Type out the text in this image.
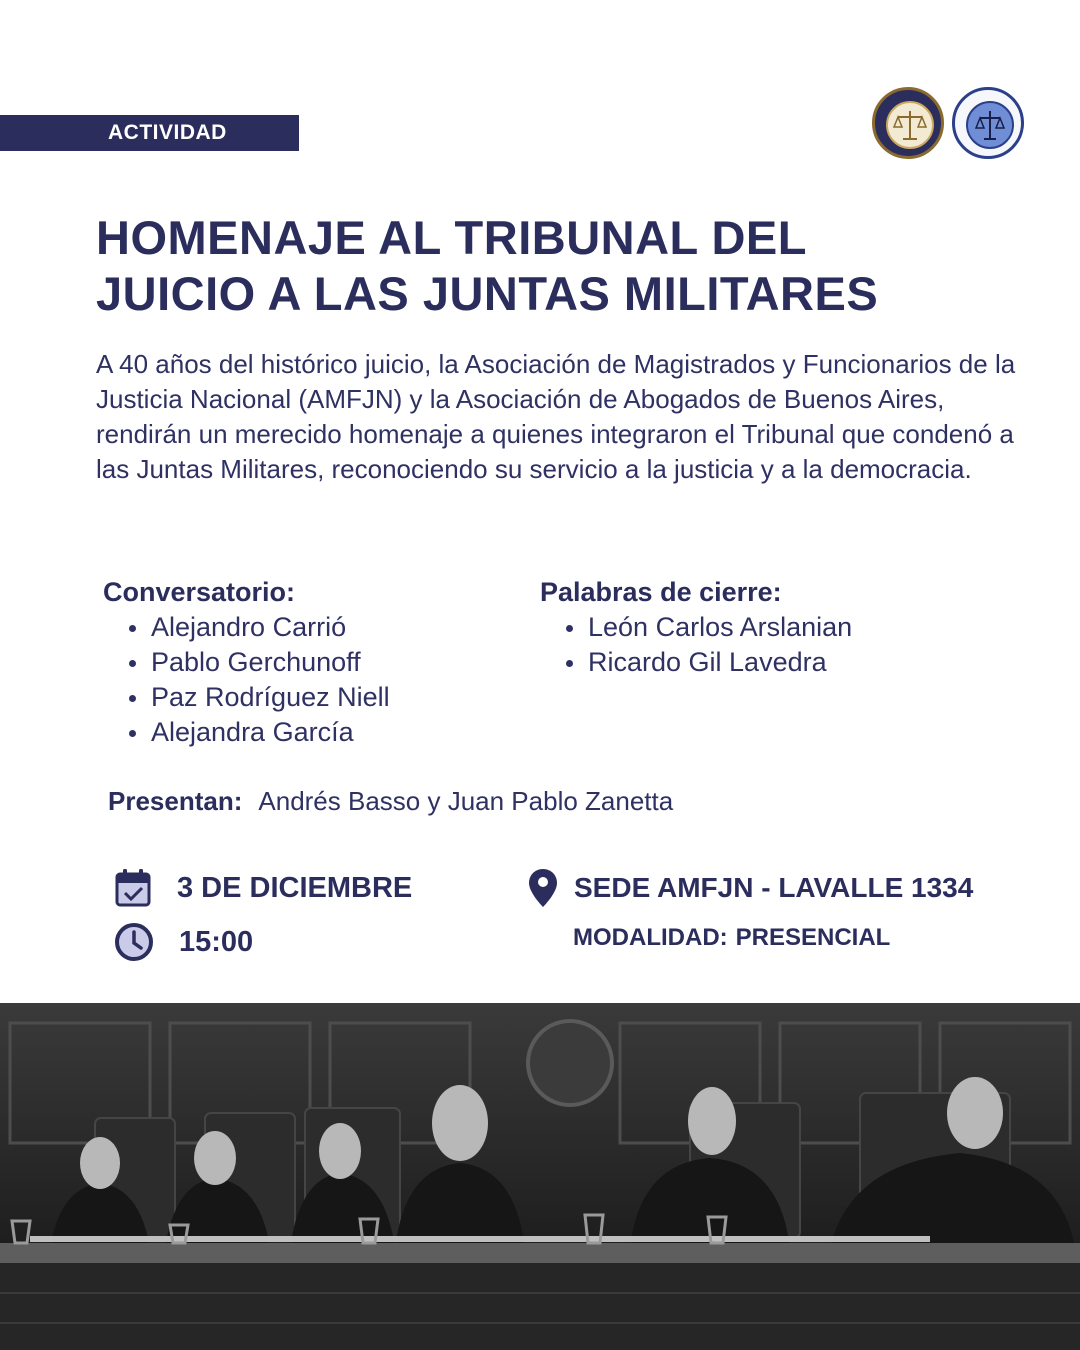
ACTIVIDAD
HOMENAJE AL TRIBUNAL DEL
JUICIO A LAS JUNTAS MILITARES

A 40 años del histórico juicio, la Asociación de Magistrados y Funcionarios de la Justicia Nacional (AMFJN) y la Asociación de Abogados de Buenos Aires, rendirán un merecido homenaje a quienes integraron el Tribunal que condenó a las Juntas Militares, reconociendo su servicio a la justicia y a la democracia.

Conversatorio:
Alejandro Carrió
Pablo Gerchunoff
Paz Rodríguez Niell
Alejandra García
Palabras de cierre:
León Carlos Arslanian
Ricardo Gil Lavedra
Presentan: Andrés Basso y Juan Pablo Zanetta
3 DE DICIEMBRE
15:00
SEDE AMFJN - LAVALLE 1334
MODALIDAD: PRESENCIAL
